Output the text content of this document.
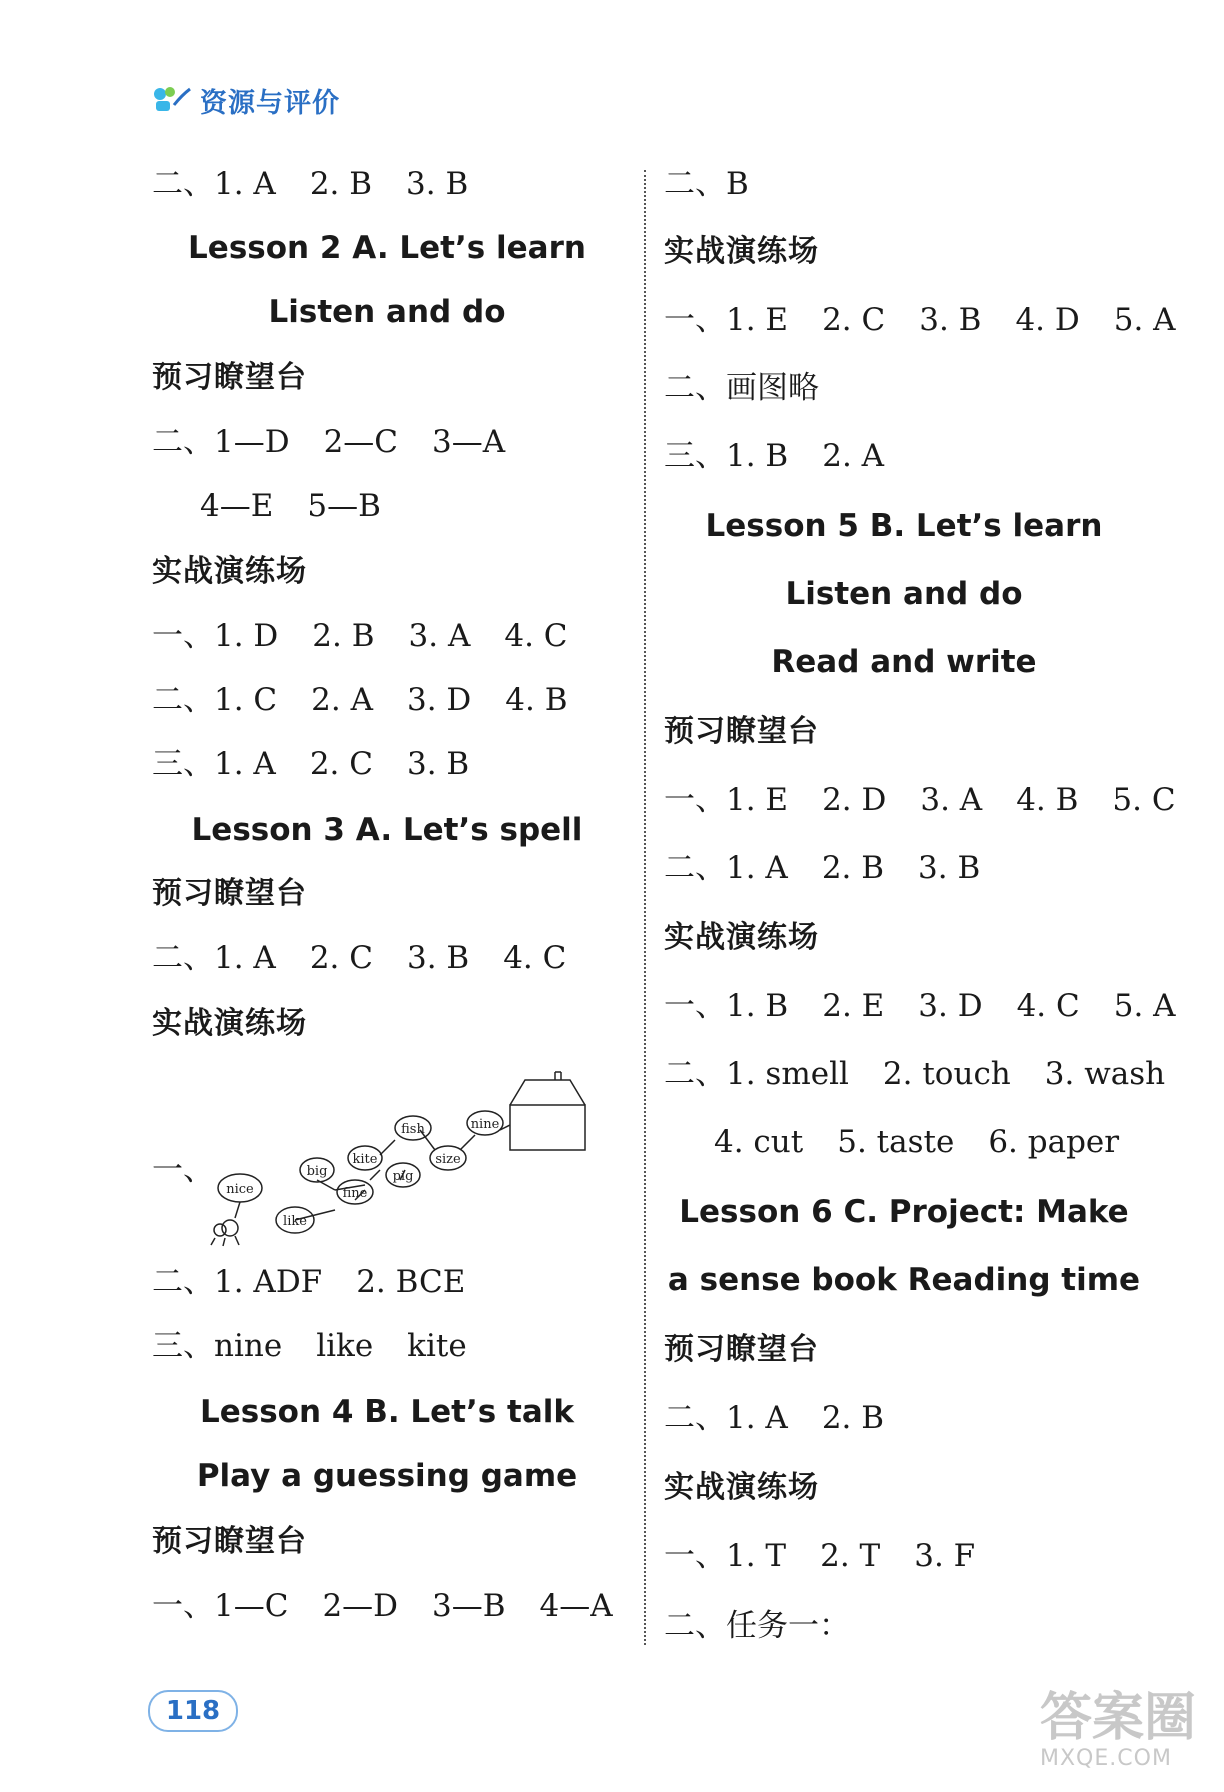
资源与评价
二、1. A 2. B 3. B
Lesson 2 A. Let’s learn
Listen and do
预习瞭望台
二、1—D 2—C 3—A
4—E 5—B
实战演练场
一、1. D 2. B 3. A 4. C
二、1. C 2. A 3. D 4. B
三、1. A 2. C 3. B
Lesson 3 A. Let’s spell
预习瞭望台
二、1. A 2. C 3. B 4. C
实战演练场
一、
nice
big
kite
fish	nine
size
pig
fine
like
二、1. ADF 2. BCE
三、nine like kite
Lesson 4 B. Let’s talk
Play a guessing game
预习瞭望台
一、1—C 2—D 3—B 4—A
二、B
实战演练场
一、1. E 2. C 3. B 4. D 5. A
二、画图略
三、1. B 2. A
Lesson 5 B. Let’s learn
Listen and do
Read and write
预习瞭望台
一、1. E 2. D 3. A 4. B 5. C
二、1. A 2. B 3. B
实战演练场
一、1. B 2. E 3. D 4. C 5. A
二、1. smell 2. touch 3. wash
4. cut 5. taste 6. paper
Lesson 6 C. Project: Make
a sense book Reading time
预习瞭望台
二、1. A 2. B
实战演练场
一、1. T 2. T 3. F
二、任务一：
118	答案圈
MXQE.COM
